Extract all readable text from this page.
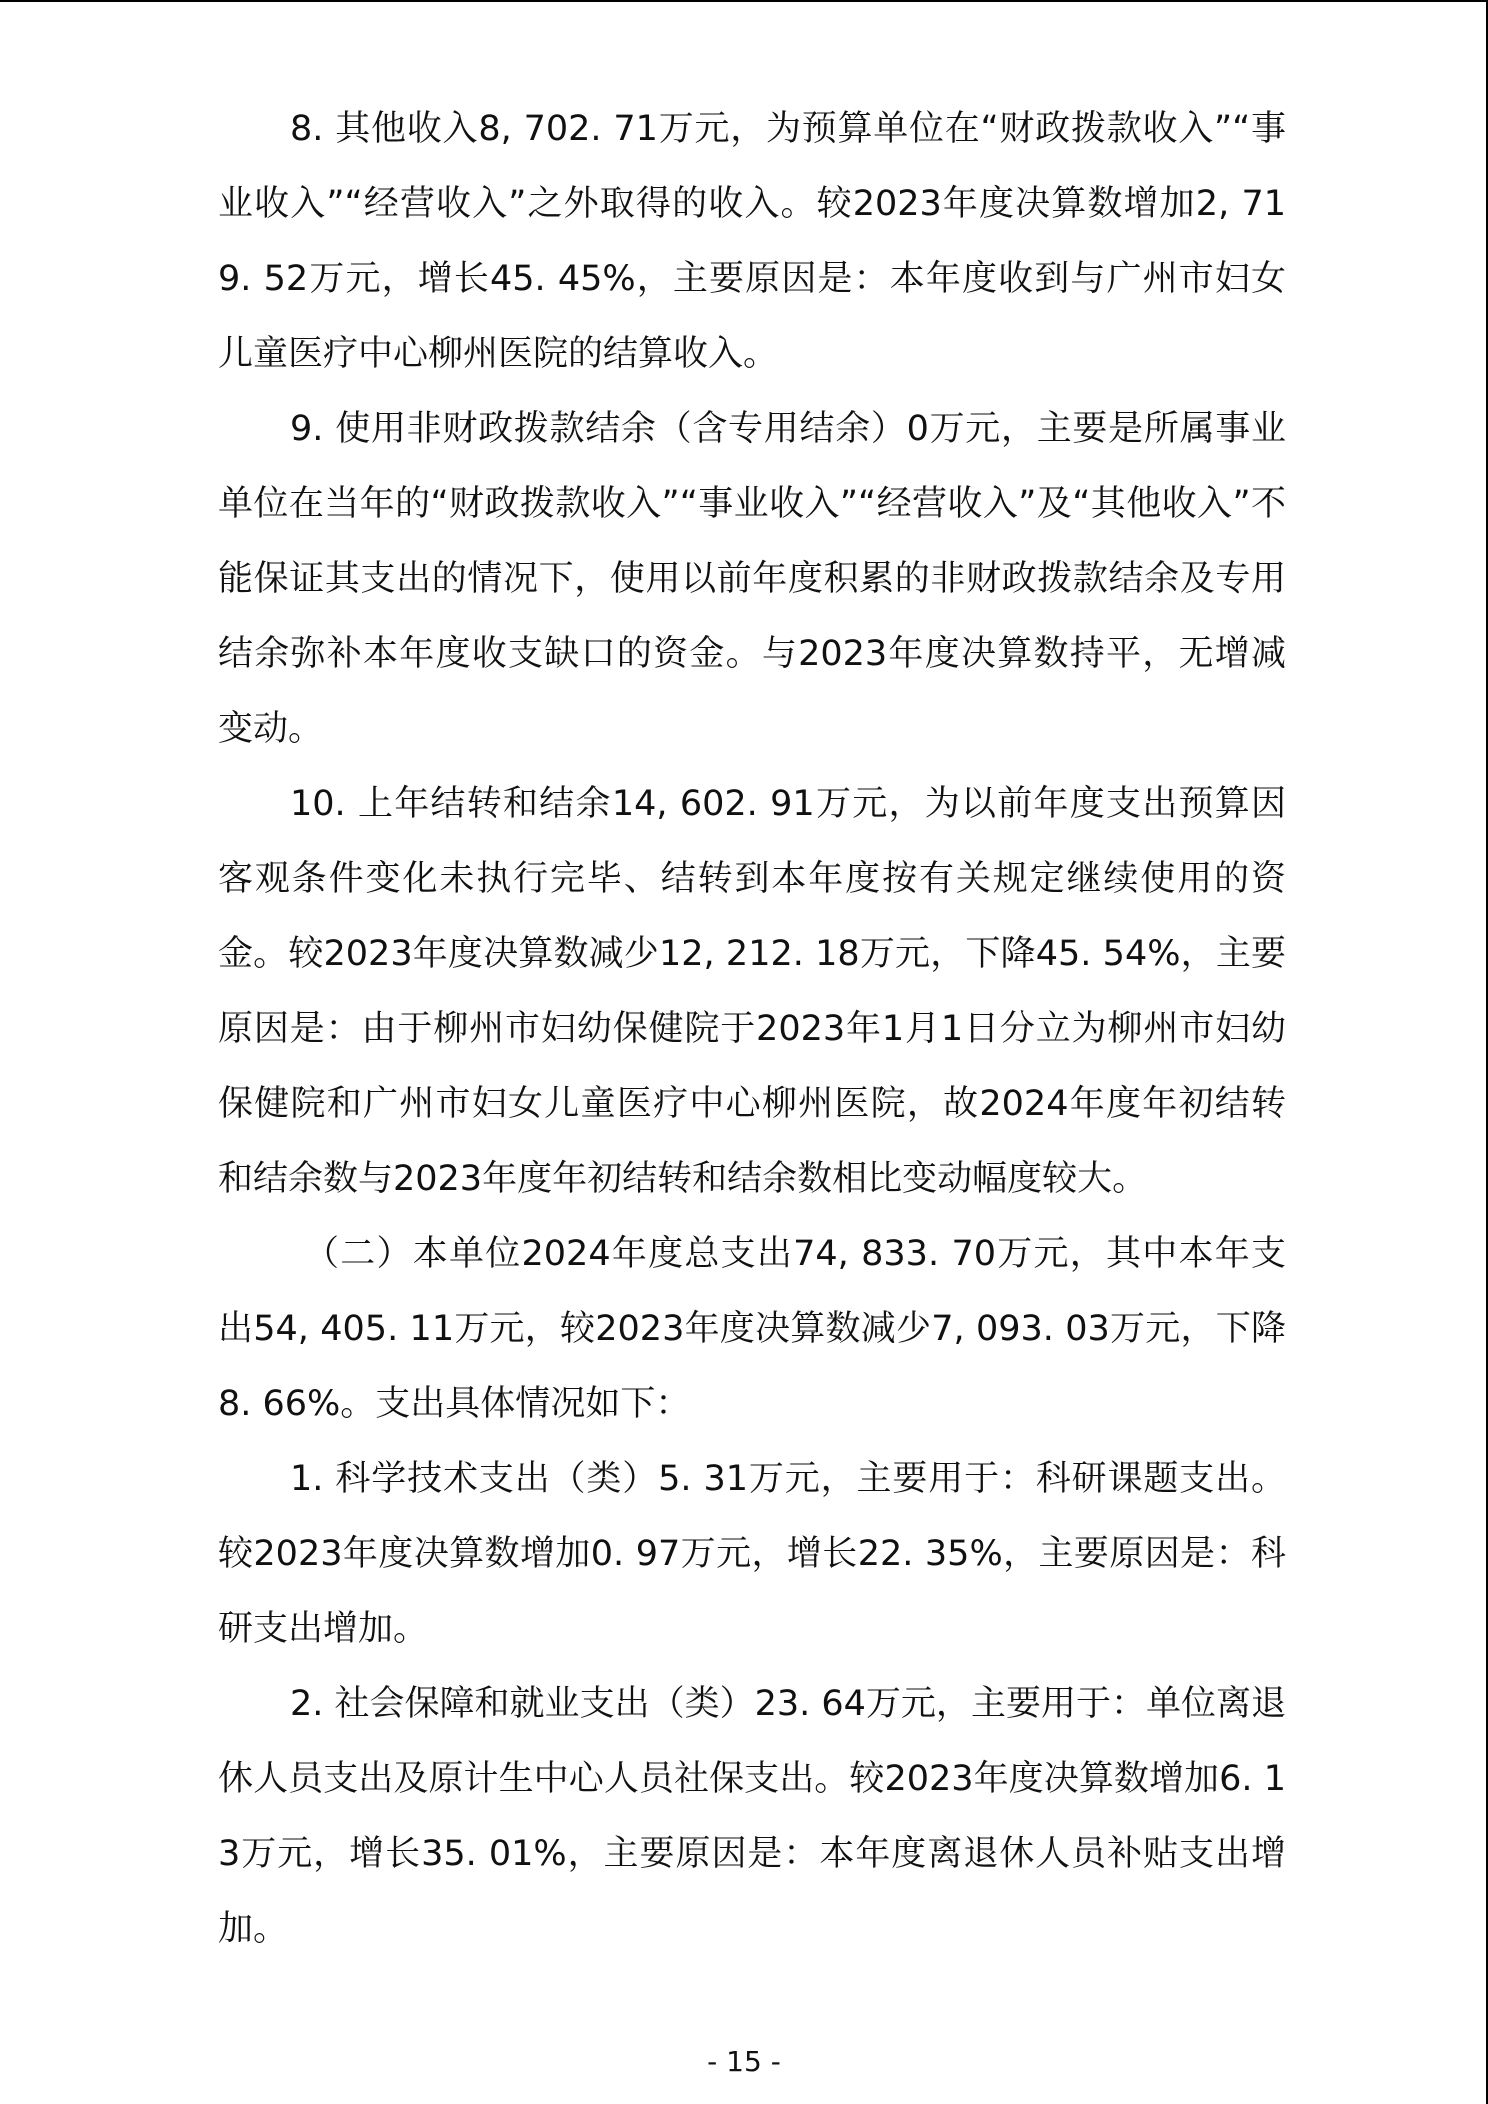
8. 其他收入8, 702. 71万元，为预算单位在“财政拨款收入”“事业收入”“经营收入”之外取得的收入。较2023年度决算数增加2, 719. 52万元，增长45. 45%，主要原因是：本年度收到与广州市妇女儿童医疗中心柳州医院的结算收入。

9. 使用非财政拨款结余（含专用结余）0万元，主要是所属事业单位在当年的“财政拨款收入”“事业收入”“经营收入”及“其他收入”不能保证其支出的情况下，使用以前年度积累的非财政拨款结余及专用结余弥补本年度收支缺口的资金。与2023年度决算数持平，无增减变动。

10. 上年结转和结余14, 602. 91万元，为以前年度支出预算因客观条件变化未执行完毕、结转到本年度按有关规定继续使用的资金。较2023年度决算数减少12, 212. 18万元，下降45. 54%，主要原因是：由于柳州市妇幼保健院于2023年1月1日分立为柳州市妇幼保健院和广州市妇女儿童医疗中心柳州医院，故2024年度年初结转和结余数与2023年度年初结转和结余数相比变动幅度较大。

（二）本单位2024年度总支出74, 833. 70万元，其中本年支出54, 405. 11万元，较2023年度决算数减少7, 093. 03万元，下降8. 66%。支出具体情况如下：

1. 科学技术支出（类）5. 31万元，主要用于：科研课题支出。较2023年度决算数增加0. 97万元，增长22. 35%，主要原因是：科研支出增加。

2. 社会保障和就业支出（类）23. 64万元，主要用于：单位离退休人员支出及原计生中心人员社保支出。较2023年度决算数增加6. 13万元，增长35. 01%，主要原因是：本年度离退休人员补贴支出增加。

- 15 -
